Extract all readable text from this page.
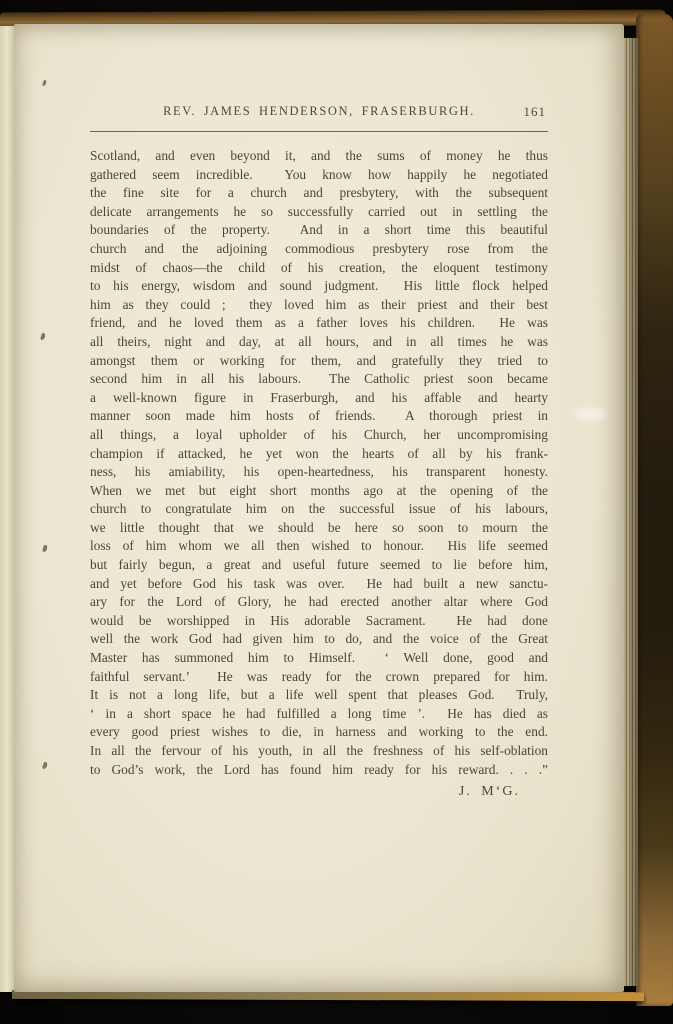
REV. JAMES HENDERSON, FRASERBURGH.	161
Scotland, and even beyond it, and the sums of money he thus
gathered seem incredible.  You know how happily he negotiated
the fine site for a church and presbytery, with the subsequent
delicate arrangements he so successfully carried out in settling the
boundaries of the property.  And in a short time this beautiful
church and the adjoining commodious presbytery rose from the
midst of chaos—the child of his creation, the eloquent testimony
to his energy, wisdom and sound judgment.  His little flock helped
him as they could ;  they loved him as their priest and their best
friend, and he loved them as a father loves his children.  He was
all theirs, night and day, at all hours, and in all times he was
amongst them or working for them, and gratefully they tried to
second him in all his labours.  The Catholic priest soon became
a well-known figure in Fraserburgh, and his affable and hearty
manner soon made him hosts of friends.  A thorough priest in
all things, a loyal upholder of his Church, her uncompromising
champion if attacked, he yet won the hearts of all by his frank-
ness, his amiability, his open-heartedness, his transparent honesty.
When we met but eight short months ago at the opening of the
church to congratulate him on the successful issue of his labours,
we little thought that we should be here so soon to mourn the
loss of him whom we all then wished to honour.  His life seemed
but fairly begun, a great and useful future seemed to lie before him,
and yet before God his task was over.  He had built a new sanctu-
ary for the Lord of Glory, he had erected another altar where God
would be worshipped in His adorable Sacrament.  He had done
well the work God had given him to do, and the voice of the Great
Master has summoned him to Himself.  ‘ Well done, good and
faithful servant.’  He was ready for the crown prepared for him.
It is not a long life, but a life well spent that pleases God.  Truly,
‘ in a short space he had fulfilled a long time ’.  He has died as
every good priest wishes to die, in harness and working to the end.
In all the fervour of his youth, in all the freshness of his self-oblation
to God’s work, the Lord has found him ready for his reward. . . .”
J. M‘G.
